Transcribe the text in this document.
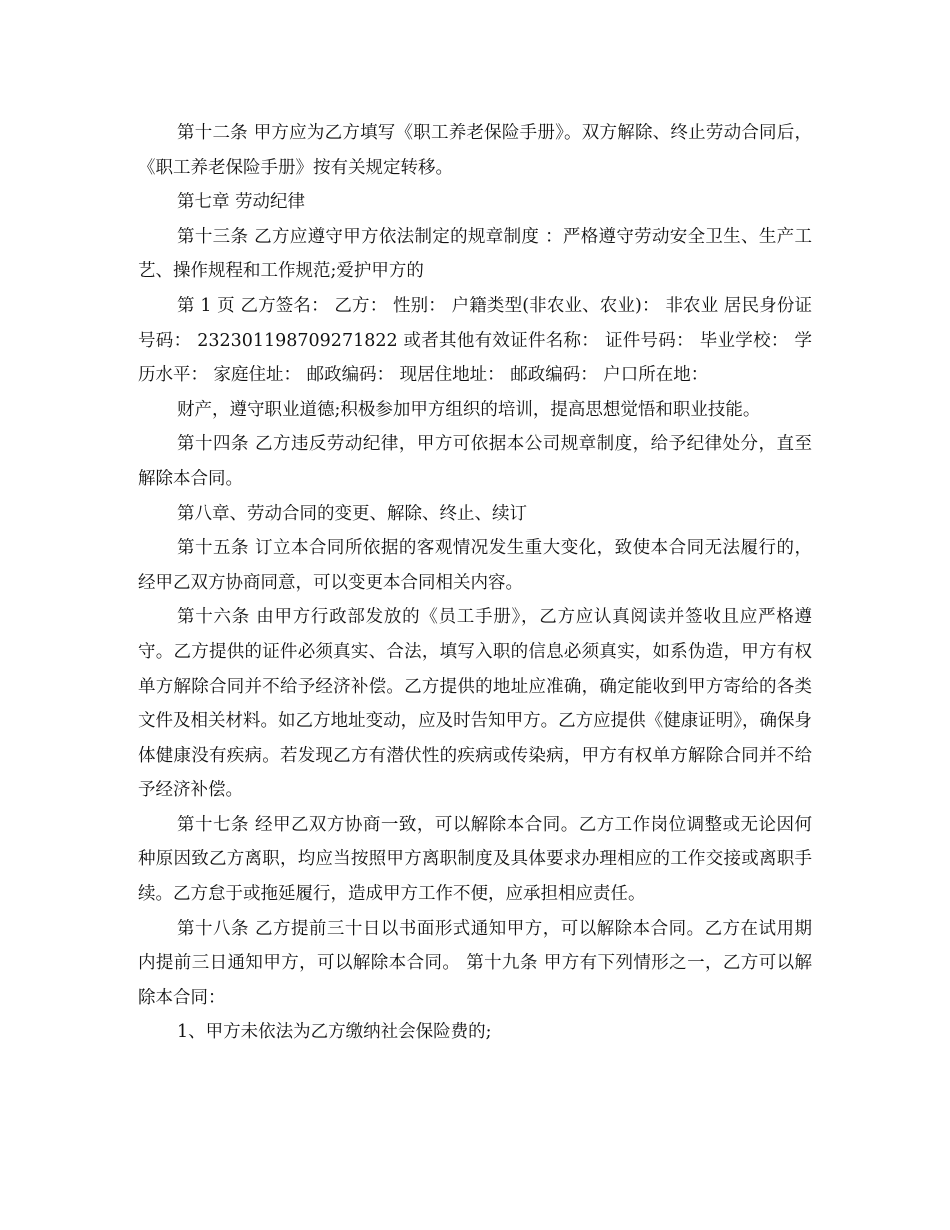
第十二条 甲方应为乙方填写《职工养老保险手册》。双方解除、终止劳动合同后，《职工养老保险手册》按有关规定转移。

第七章 劳动纪律

第十三条 乙方应遵守甲方依法制定的规章制度 ：严格遵守劳动安全卫生、生产工艺、操作规程和工作规范;爱护甲方的

第 1 页 乙方签名： 乙方： 性别： 户籍类型(非农业、农业)： 非农业 居民身份证号码： 232301198709271822 或者其他有效证件名称： 证件号码： 毕业学校： 学历水平： 家庭住址： 邮政编码： 现居住地址： 邮政编码： 户口所在地：

财产，遵守职业道德;积极参加甲方组织的培训，提高思想觉悟和职业技能。

第十四条 乙方违反劳动纪律，甲方可依据本公司规章制度，给予纪律处分，直至解除本合同。

第八章、劳动合同的变更、解除、终止、续订

第十五条 订立本合同所依据的客观情况发生重大变化，致使本合同无法履行的，经甲乙双方协商同意，可以变更本合同相关内容。

第十六条 由甲方行政部发放的《员工手册》，乙方应认真阅读并签收且应严格遵守。乙方提供的证件必须真实、合法，填写入职的信息必须真实，如系伪造，甲方有权单方解除合同并不给予经济补偿。乙方提供的地址应准确，确定能收到甲方寄给的各类文件及相关材料。如乙方地址变动，应及时告知甲方。乙方应提供《健康证明》，确保身体健康没有疾病。若发现乙方有潜伏性的疾病或传染病，甲方有权单方解除合同并不给予经济补偿。

第十七条 经甲乙双方协商一致，可以解除本合同。乙方工作岗位调整或无论因何种原因致乙方离职，均应当按照甲方离职制度及具体要求办理相应的工作交接或离职手续。乙方怠于或拖延履行，造成甲方工作不便，应承担相应责任。

第十八条 乙方提前三十日以书面形式通知甲方，可以解除本合同。乙方在试用期内提前三日通知甲方，可以解除本合同。 第十九条 甲方有下列情形之一，乙方可以解除本合同：

1、甲方未依法为乙方缴纳社会保险费的;
